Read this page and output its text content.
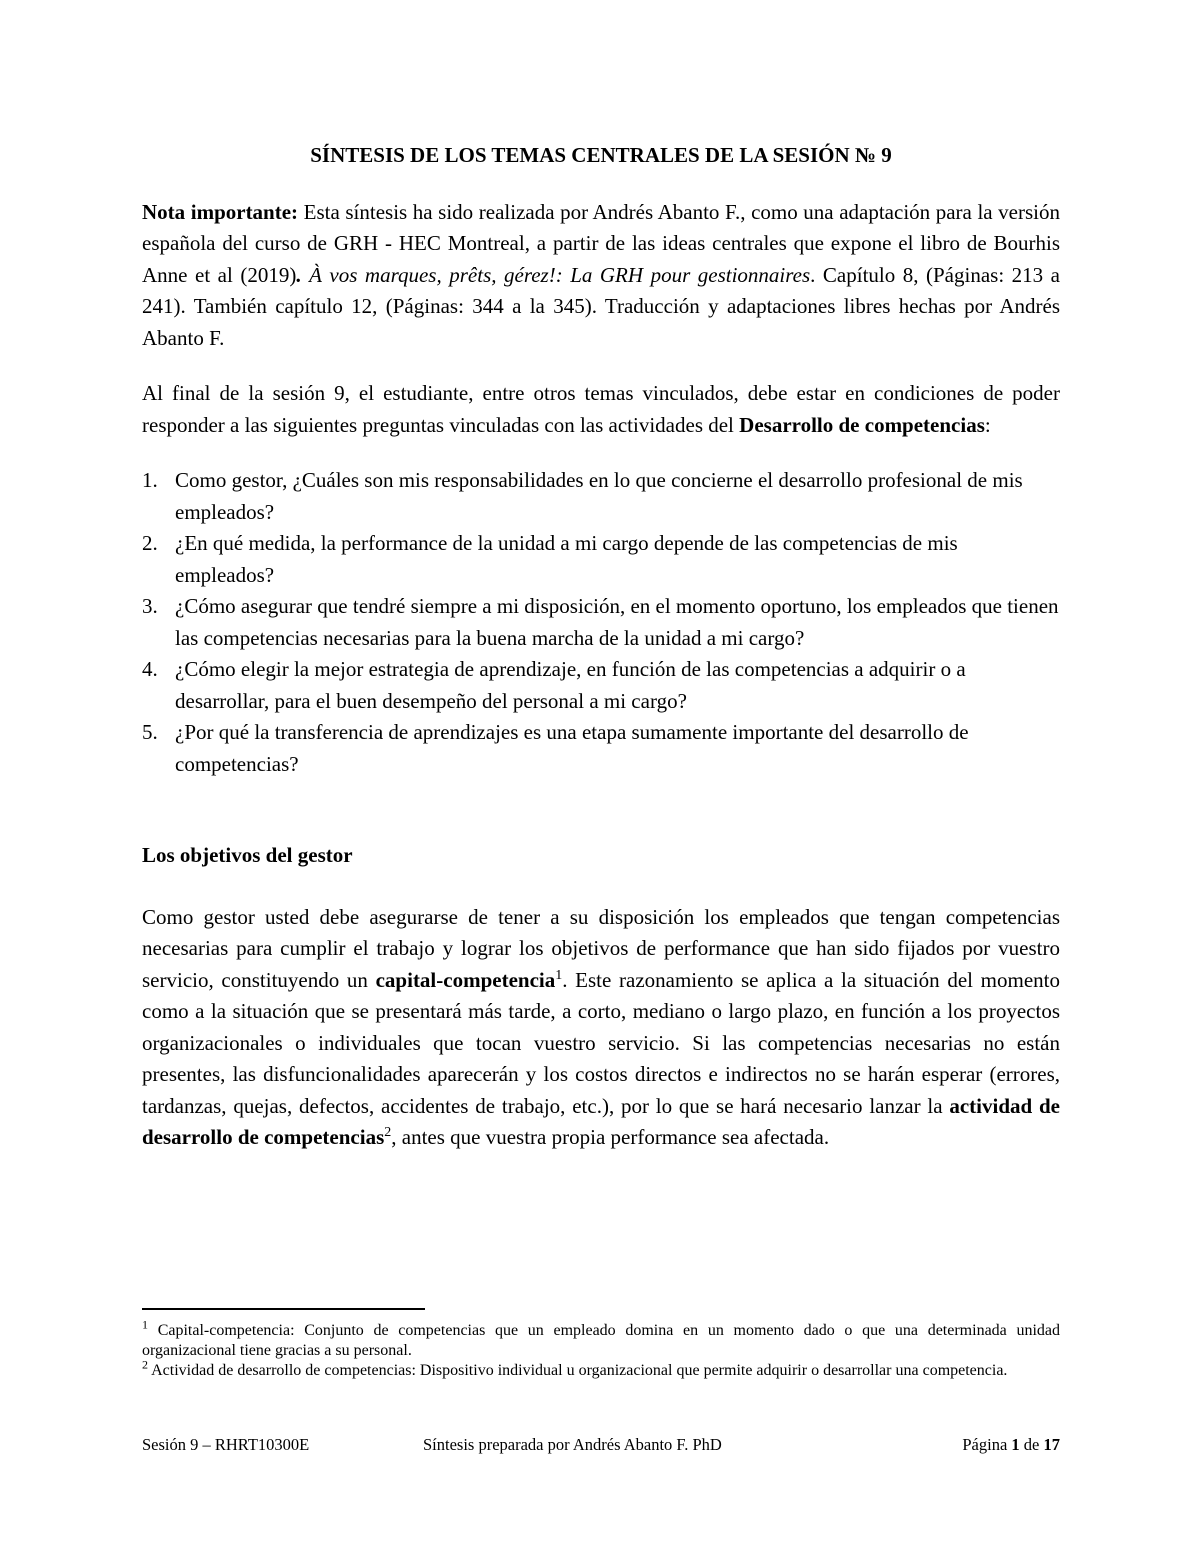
SÍNTESIS DE LOS TEMAS CENTRALES DE LA SESIÓN № 9

Nota importante: Esta síntesis ha sido realizada por Andrés Abanto F., como una adaptación para la versión española del curso de GRH - HEC Montreal, a partir de las ideas centrales que expone el libro de Bourhis Anne et al (2019). À vos marques, prêts, gérez!: La GRH pour gestionnaires. Capítulo 8, (Páginas: 213 a 241). También capítulo 12, (Páginas: 344 a la 345). Traducción y adaptaciones libres hechas por Andrés Abanto F.

Al final de la sesión 9, el estudiante, entre otros temas vinculados, debe estar en condiciones de poder responder a las siguientes preguntas vinculadas con las actividades del Desarrollo de competencias:

1. Como gestor, ¿Cuáles son mis responsabilidades en lo que concierne el desarrollo profesional de mis empleados?
2. ¿En qué medida, la performance de la unidad a mi cargo depende de las competencias de mis empleados?
3. ¿Cómo asegurar que tendré siempre a mi disposición, en el momento oportuno, los empleados que tienen las competencias necesarias para la buena marcha de la unidad a mi cargo?
4. ¿Cómo elegir la mejor estrategia de aprendizaje, en función de las competencias a adquirir o a desarrollar, para el buen desempeño del personal a mi cargo?
5. ¿Por qué la transferencia de aprendizajes es una etapa sumamente importante del desarrollo de competencias?

Los objetivos del gestor

Como gestor usted debe asegurarse de tener a su disposición los empleados que tengan competencias necesarias para cumplir el trabajo y lograr los objetivos de performance que han sido fijados por vuestro servicio, constituyendo un capital-competencia$^1$. Este razonamiento se aplica a la situación del momento como a la situación que se presentará más tarde, a corto, mediano o largo plazo, en función a los proyectos organizacionales o individuales que tocan vuestro servicio. Si las competencias necesarias no están presentes, las disfuncionalidades aparecerán y los costos directos e indirectos no se harán esperar (errores, tardanzas, quejas, defectos, accidentes de trabajo, etc.), por lo que se hará necesario lanzar la actividad de desarrollo de competencias$^2$, antes que vuestra propia performance sea afectada.

$^1$ Capital-competencia: Conjunto de competencias que un empleado domina en un momento dado o que una determinada unidad organizacional tiene gracias a su personal.

$^2$ Actividad de desarrollo de competencias: Dispositivo individual u organizacional que permite adquirir o desarrollar una competencia.

Sesión 9 – RHRT10300E	Síntesis preparada por Andrés Abanto F. PhD	Página 1 de 17
